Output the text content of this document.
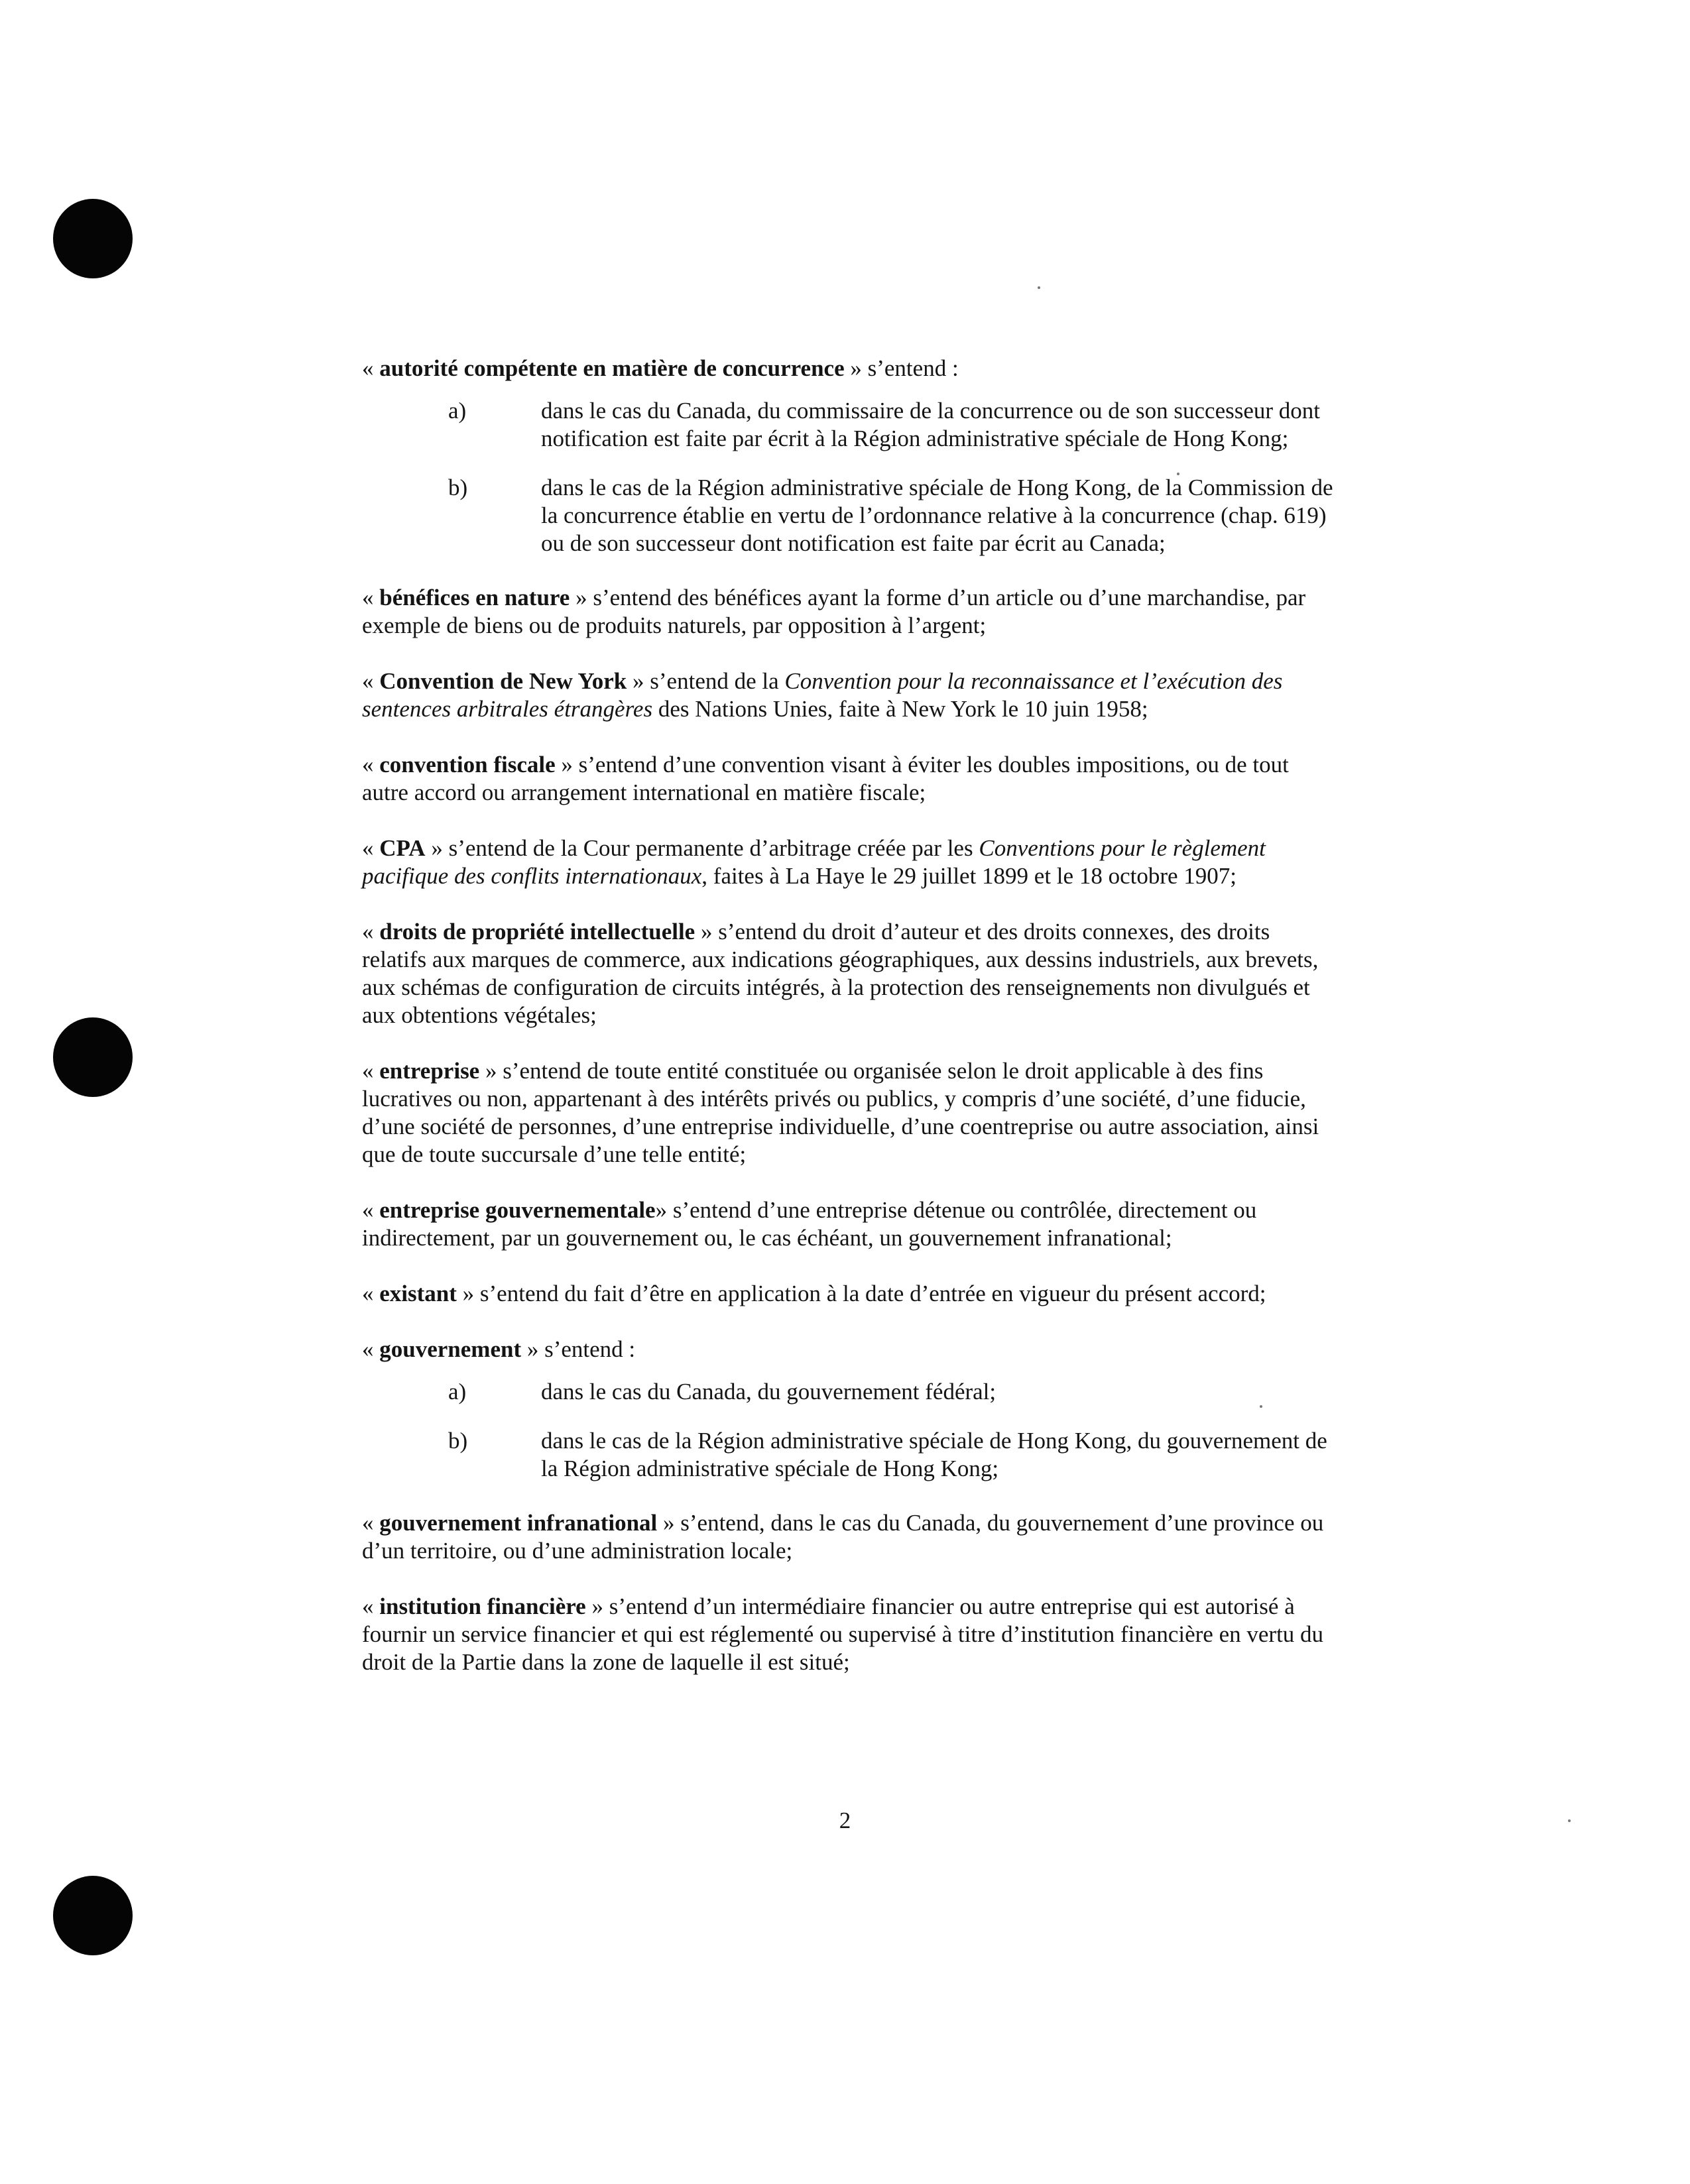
« autorité compétente en matière de concurrence » s’entend :
a)	dans le cas du Canada, du commissaire de la concurrence ou de son successeur dont notification est faite par écrit à la Région administrative spéciale de Hong Kong;
b)	dans le cas de la Région administrative spéciale de Hong Kong, de la Commission de la concurrence établie en vertu de l’ordonnance relative à la concurrence (chap. 619) ou de son successeur dont notification est faite par écrit au Canada;
« bénéfices en nature » s’entend des bénéfices ayant la forme d’un article ou d’une marchandise, par exemple de biens ou de produits naturels, par opposition à l’argent;
« Convention de New York » s’entend de la Convention pour la reconnaissance et l’exécution des sentences arbitrales étrangères des Nations Unies, faite à New York le 10 juin 1958;
« convention fiscale » s’entend d’une convention visant à éviter les doubles impositions, ou de tout autre accord ou arrangement international en matière fiscale;
« CPA » s’entend de la Cour permanente d’arbitrage créée par les Conventions pour le règlement pacifique des conflits internationaux, faites à La Haye le 29 juillet 1899 et le 18 octobre 1907;
« droits de propriété intellectuelle » s’entend du droit d’auteur et des droits connexes, des droits relatifs aux marques de commerce, aux indications géographiques, aux dessins industriels, aux brevets, aux schémas de configuration de circuits intégrés, à la protection des renseignements non divulgués et aux obtentions végétales;
« entreprise » s’entend de toute entité constituée ou organisée selon le droit applicable à des fins lucratives ou non, appartenant à des intérêts privés ou publics, y compris d’une société, d’une fiducie, d’une société de personnes, d’une entreprise individuelle, d’une coentreprise ou autre association, ainsi que de toute succursale d’une telle entité;
« entreprise gouvernementale» s’entend d’une entreprise détenue ou contrôlée, directement ou indirectement, par un gouvernement ou, le cas échéant, un gouvernement infranational;
« existant » s’entend du fait d’être en application à la date d’entrée en vigueur du présent accord;
« gouvernement » s’entend :
a)	dans le cas du Canada, du gouvernement fédéral;
b)	dans le cas de la Région administrative spéciale de Hong Kong, du gouvernement de la Région administrative spéciale de Hong Kong;
« gouvernement infranational » s’entend, dans le cas du Canada, du gouvernement d’une province ou d’un territoire, ou d’une administration locale;
« institution financière » s’entend d’un intermédiaire financier ou autre entreprise qui est autorisé à fournir un service financier et qui est réglementé ou supervisé à titre d’institution financière en vertu du droit de la Partie dans la zone de laquelle il est situé;
2
